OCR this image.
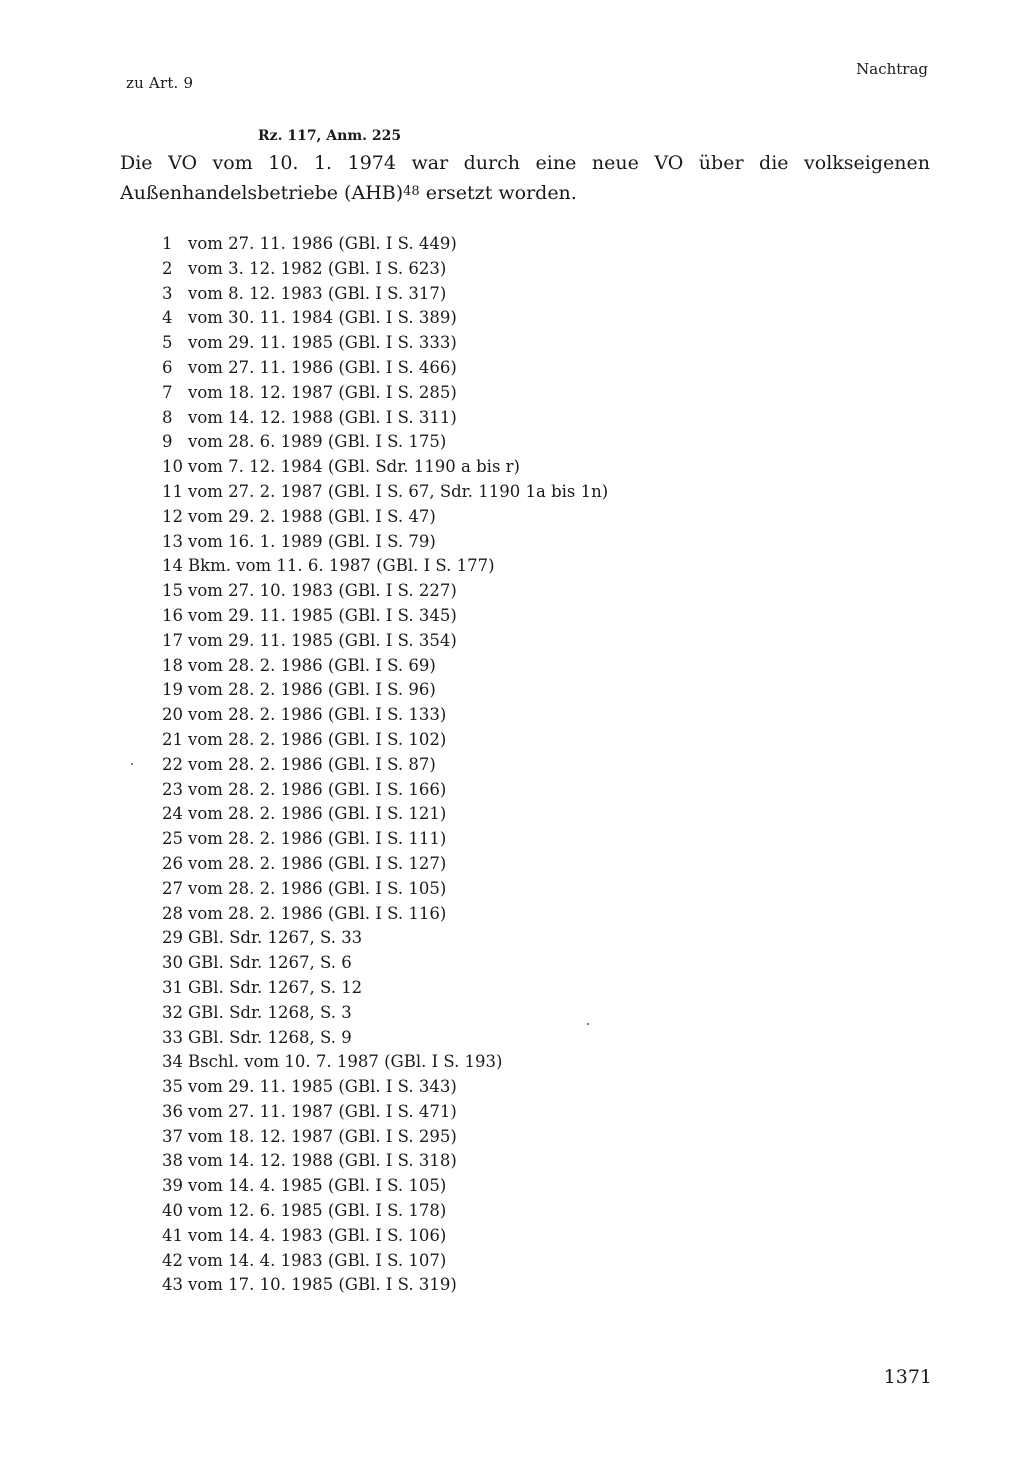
zu Art. 9
Nachtrag
Rz. 117, Anm. 225

Die VO vom 10. 1. 1974 war durch eine neue VO über die volkseigenen Außenhandelsbetriebe (AHB)$^{48}$ ersetzt worden.

1 vom 27. 11. 1986 (GBl. I S. 449)
2 vom 3. 12. 1982 (GBl. I S. 623)
3 vom 8. 12. 1983 (GBl. I S. 317)
4 vom 30. 11. 1984 (GBl. I S. 389)
5 vom 29. 11. 1985 (GBl. I S. 333)
6 vom 27. 11. 1986 (GBl. I S. 466)
7 vom 18. 12. 1987 (GBl. I S. 285)
8 vom 14. 12. 1988 (GBl. I S. 311)
9 vom 28. 6. 1989 (GBl. I S. 175)
10 vom 7. 12. 1984 (GBl. Sdr. 1190 a bis r)
11 vom 27. 2. 1987 (GBl. I S. 67, Sdr. 1190 1a bis 1n)
12 vom 29. 2. 1988 (GBl. I S. 47)
13 vom 16. 1. 1989 (GBl. I S. 79)
14 Bkm. vom 11. 6. 1987 (GBl. I S. 177)
15 vom 27. 10. 1983 (GBl. I S. 227)
16 vom 29. 11. 1985 (GBl. I S. 345)
17 vom 29. 11. 1985 (GBl. I S. 354)
18 vom 28. 2. 1986 (GBl. I S. 69)
19 vom 28. 2. 1986 (GBl. I S. 96)
20 vom 28. 2. 1986 (GBl. I S. 133)
21 vom 28. 2. 1986 (GBl. I S. 102)
22 vom 28. 2. 1986 (GBl. I S. 87)
23 vom 28. 2. 1986 (GBl. I S. 166)
24 vom 28. 2. 1986 (GBl. I S. 121)
25 vom 28. 2. 1986 (GBl. I S. 111)
26 vom 28. 2. 1986 (GBl. I S. 127)
27 vom 28. 2. 1986 (GBl. I S. 105)
28 vom 28. 2. 1986 (GBl. I S. 116)
29 GBl. Sdr. 1267, S. 33
30 GBl. Sdr. 1267, S. 6
31 GBl. Sdr. 1267, S. 12
32 GBl. Sdr. 1268, S. 3
33 GBl. Sdr. 1268, S. 9
34 Bschl. vom 10. 7. 1987 (GBl. I S. 193)
35 vom 29. 11. 1985 (GBl. I S. 343)
36 vom 27. 11. 1987 (GBl. I S. 471)
37 vom 18. 12. 1987 (GBl. I S. 295)
38 vom 14. 12. 1988 (GBl. I S. 318)
39 vom 14. 4. 1985 (GBl. I S. 105)
40 vom 12. 6. 1985 (GBl. I S. 178)
41 vom 14. 4. 1983 (GBl. I S. 106)
42 vom 14. 4. 1983 (GBl. I S. 107)
43 vom 17. 10. 1985 (GBl. I S. 319)
1371
